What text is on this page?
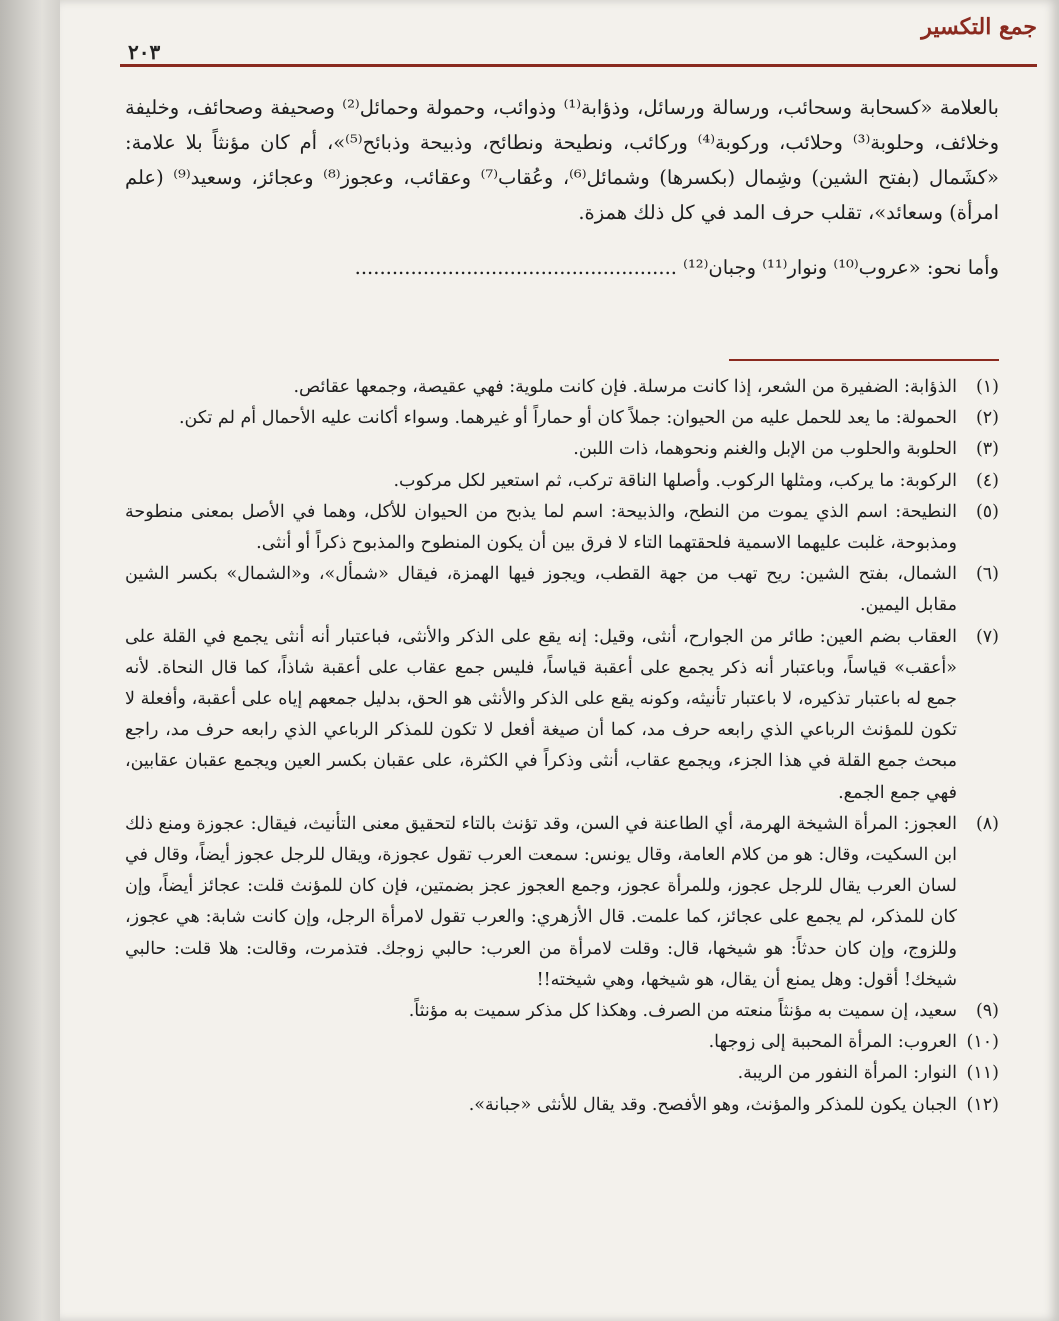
جمع التكسير
٢٠٣

بالعلامة «كسحابة وسحائب، ورسالة ورسائل، وذؤابة⁽¹⁾ وذوائب، وحمولة وحمائل⁽²⁾ وصحيفة وصحائف، وخليفة وخلائف، وحلوبة⁽³⁾ وحلائب، وركوبة⁽⁴⁾ وركائب، ونطيحة ونطائح، وذبيحة وذبائح⁽⁵⁾»، أم كان مؤنثاً بلا علامة: «كشَمال (بفتح الشين) وشِمال (بكسرها) وشمائل⁽⁶⁾، وعُقاب⁽⁷⁾ وعقائب، وعجوز⁽⁸⁾ وعجائز، وسعيد⁽⁹⁾ (علم امرأة) وسعائد»، تقلب حرف المد في كل ذلك همزة.

وأما نحو: «عروب⁽¹⁰⁾ ونوار⁽¹¹⁾ وجبان⁽¹²⁾ ....................................................

(١)
الذؤابة: الضفيرة من الشعر، إذا كانت مرسلة. فإن كانت ملوية: فهي عقيصة، وجمعها عقائص.
(٢)
الحمولة: ما يعد للحمل عليه من الحيوان: جملاً كان أو حماراً أو غيرهما. وسواء أكانت عليه الأحمال أم لم تكن.
(٣)
الحلوبة والحلوب من الإبل والغنم ونحوهما، ذات اللبن.
(٤)
الركوبة: ما يركب، ومثلها الركوب. وأصلها الناقة تركب، ثم استعير لكل مركوب.
(٥)
النطيحة: اسم الذي يموت من النطح، والذبيحة: اسم لما يذبح من الحيوان للأكل، وهما في الأصل بمعنى منطوحة ومذبوحة، غلبت عليهما الاسمية فلحقتهما التاء لا فرق بين أن يكون المنطوح والمذبوح ذكراً أو أنثى.
(٦)
الشمال، بفتح الشين: ريح تهب من جهة القطب، ويجوز فيها الهمزة، فيقال «شمأل»، و«الشمال» بكسر الشين مقابل اليمين.
(٧)
العقاب بضم العين: طائر من الجوارح، أنثى، وقيل: إنه يقع على الذكر والأنثى، فباعتبار أنه أنثى يجمع في القلة على «أعقب» قياساً، وباعتبار أنه ذكر يجمع على أعقبة قياساً، فليس جمع عقاب على أعقبة شاذاً، كما قال النحاة. لأنه جمع له باعتبار تذكيره، لا باعتبار تأنيثه، وكونه يقع على الذكر والأنثى هو الحق، بدليل جمعهم إياه على أعقبة، وأفعلة لا تكون للمؤنث الرباعي الذي رابعه حرف مد، كما أن صيغة أفعل لا تكون للمذكر الرباعي الذي رابعه حرف مد، راجع مبحث جمع القلة في هذا الجزء، ويجمع عقاب، أنثى وذكراً في الكثرة، على عقبان بكسر العين ويجمع عقبان عقابين، فهي جمع الجمع.
(٨)
العجوز: المرأة الشيخة الهرمة، أي الطاعنة في السن، وقد تؤنث بالتاء لتحقيق معنى التأنيث، فيقال: عجوزة ومنع ذلك ابن السكيت، وقال: هو من كلام العامة، وقال يونس: سمعت العرب تقول عجوزة، ويقال للرجل عجوز أيضاً، وقال في لسان العرب يقال للرجل عجوز، وللمرأة عجوز، وجمع العجوز عجز بضمتين، فإن كان للمؤنث قلت: عجائز أيضاً، وإن كان للمذكر، لم يجمع على عجائز، كما علمت. قال الأزهري: والعرب تقول لامرأة الرجل، وإن كانت شابة: هي عجوز، وللزوج، وإن كان حدثاً: هو شيخها، قال: وقلت لامرأة من العرب: حالبي زوجك. فتذمرت، وقالت: هلا قلت: حالبي شيخك! أقول: وهل يمنع أن يقال، هو شيخها، وهي شيخته!!
(٩)
سعيد، إن سميت به مؤنثاً منعته من الصرف. وهكذا كل مذكر سميت به مؤنثاً.
(١٠)
العروب: المرأة المحببة إلى زوجها.
(١١)
النوار: المرأة النفور من الريبة.
(١٢)
الجبان يكون للمذكر والمؤنث، وهو الأفصح. وقد يقال للأنثى «جبانة».
